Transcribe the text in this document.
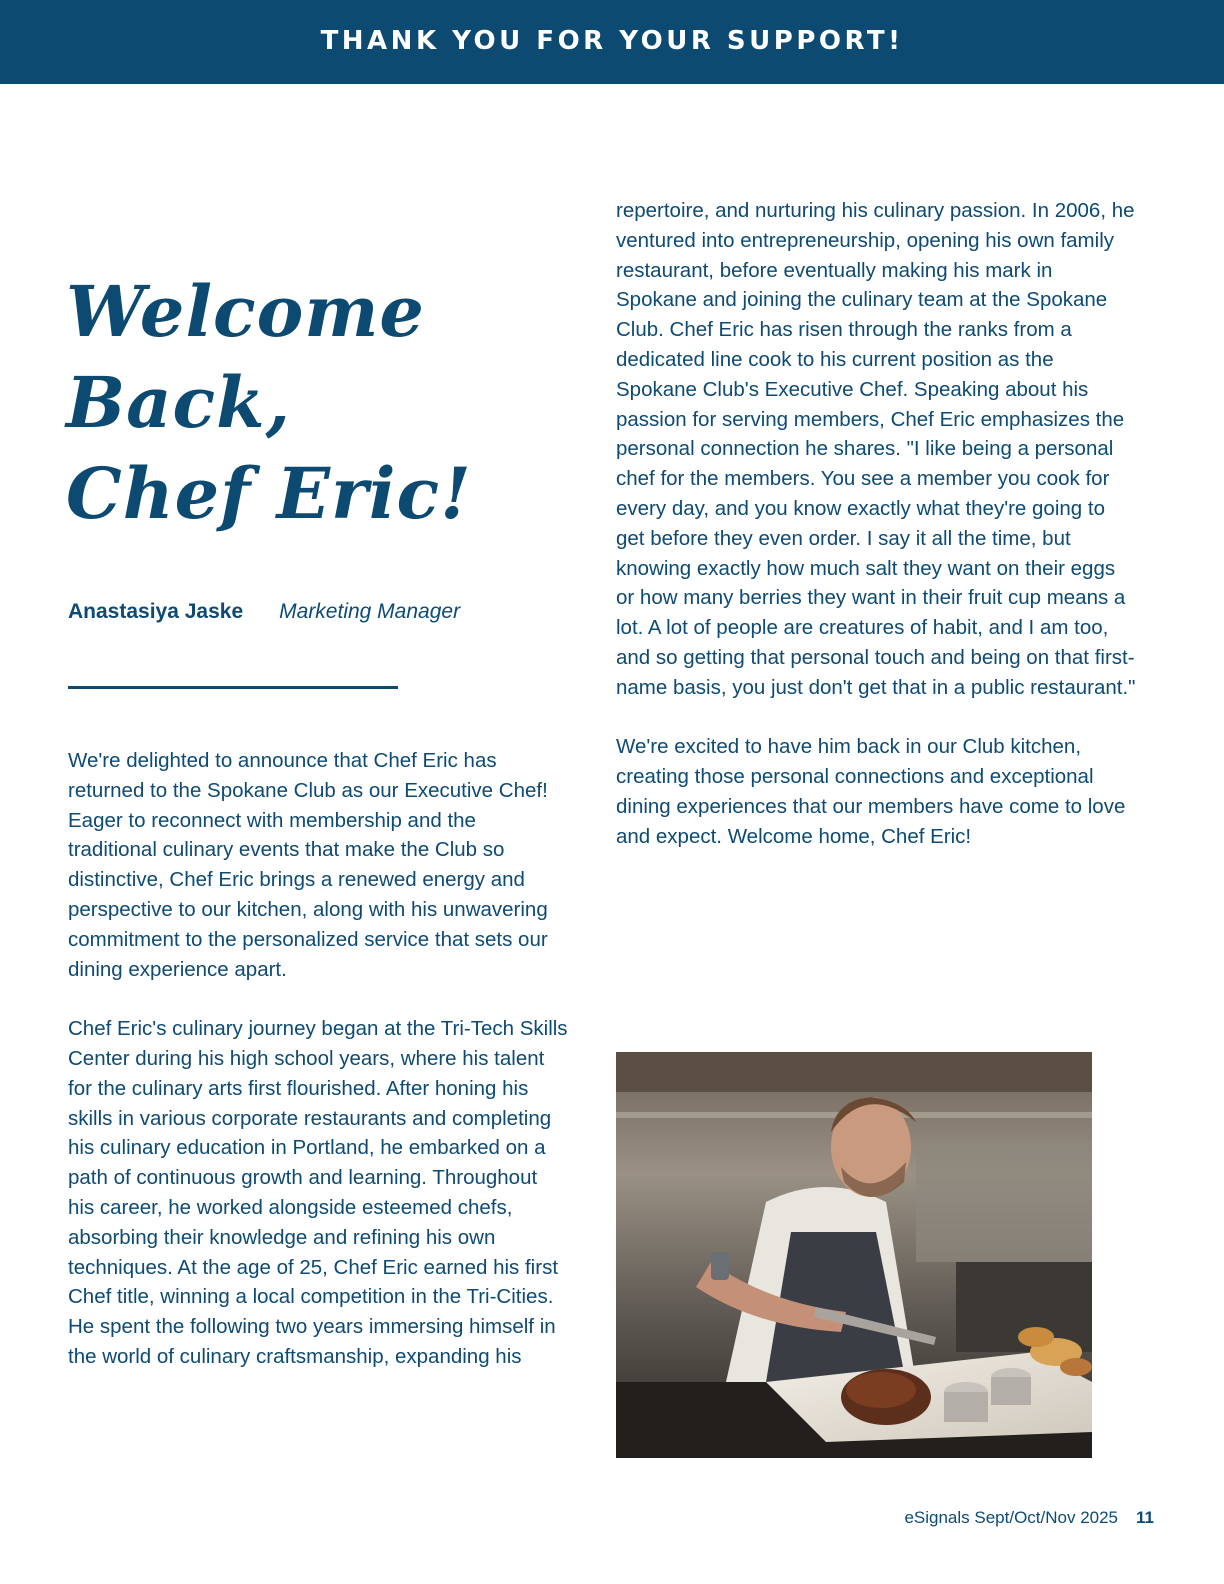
THANK YOU FOR YOUR SUPPORT!
Welcome
Back,
Chef Eric!
Anastasiya Jaske Marketing Manager

We're delighted to announce that Chef Eric has returned to the Spokane Club as our Executive Chef! Eager to reconnect with membership and the traditional culinary events that make the Club so distinctive, Chef Eric brings a renewed energy and perspective to our kitchen, along with his unwavering commitment to the personalized service that sets our dining experience apart.

Chef Eric's culinary journey began at the Tri-Tech Skills Center during his high school years, where his talent for the culinary arts first flourished. After honing his skills in various corporate restaurants and completing his culinary education in Portland, he embarked on a path of continuous growth and learning. Throughout his career, he worked alongside esteemed chefs, absorbing their knowledge and refining his own techniques. At the age of 25, Chef Eric earned his first Chef title, winning a local competition in the Tri-Cities. He spent the following two years immersing himself in the world of culinary craftsmanship, expanding his

repertoire, and nurturing his culinary passion. In 2006, he ventured into entrepreneurship, opening his own family restaurant, before eventually making his mark in Spokane and joining the culinary team at the Spokane Club. Chef Eric has risen through the ranks from a dedicated line cook to his current position as the Spokane Club's Executive Chef. Speaking about his passion for serving members, Chef Eric emphasizes the personal connection he shares. "I like being a personal chef for the members. You see a member you cook for every day, and you know exactly what they're going to get before they even order. I say it all the time, but knowing exactly how much salt they want on their eggs or how many berries they want in their fruit cup means a lot. A lot of people are creatures of habit, and I am too, and so getting that personal touch and being on that first-name basis, you just don't get that in a public restaurant."

We're excited to have him back in our Club kitchen, creating those personal connections and exceptional dining experiences that our members have come to love and expect. Welcome home, Chef Eric!

eSignals Sept/Oct/Nov 2025 11
